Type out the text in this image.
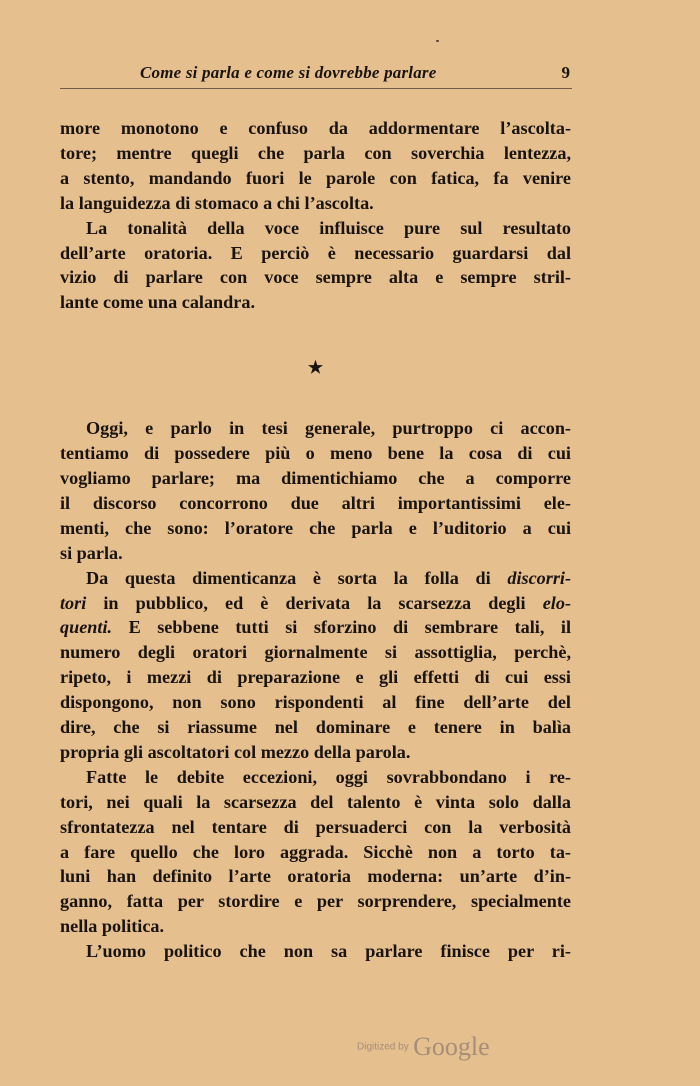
Come si parla e come si dovrebbe parlare	9
more monotono e confuso da addormentare l’ascolta-
tore; mentre quegli che parla con soverchia lentezza,
a stento, mandando fuori le parole con fatica, fa venire
la languidezza di stomaco a chi l’ascolta.
La tonalità della voce influisce pure sul resultato
dell’arte oratoria. E perciò è necessario guardarsi dal
vizio di parlare con voce sempre alta e sempre stril-
lante come una calandra.
★
Oggi, e parlo in tesi generale, purtroppo ci accon-
tentiamo di possedere più o meno bene la cosa di cui
vogliamo parlare; ma dimentichiamo che a comporre
il discorso concorrono due altri importantissimi ele-
menti, che sono: l’oratore che parla e l’uditorio a cui
si parla.
Da questa dimenticanza è sorta la folla di discorri-
tori in pubblico, ed è derivata la scarsezza degli elo-
quenti. E sebbene tutti si sforzino di sembrare tali, il
numero degli oratori giornalmente si assottiglia, perchè,
ripeto, i mezzi di preparazione e gli effetti di cui essi
dispongono, non sono rispondenti al fine dell’arte del
dire, che si riassume nel dominare e tenere in balìa
propria gli ascoltatori col mezzo della parola.
Fatte le debite eccezioni, oggi sovrabbondano i re-
tori, nei quali la scarsezza del talento è vinta solo dalla
sfrontatezza nel tentare di persuaderci con la verbosità
a fare quello che loro aggrada. Sicchè non a torto ta-
luni han definito l’arte oratoria moderna: un’arte d’in-
ganno, fatta per stordire e per sorprendere, specialmente
nella politica.
L’uomo politico che non sa parlare finisce per ri-
Digitized by Google
